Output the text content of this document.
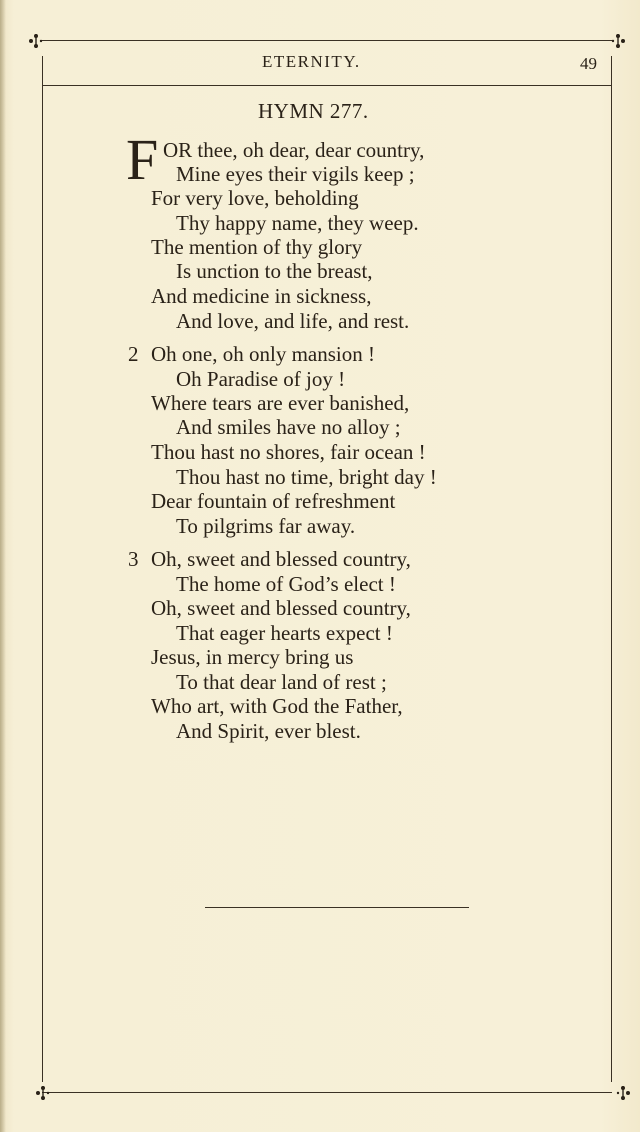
ETERNITY.	49
HYMN 277.
F OR thee, oh dear, dear country,
Mine eyes their vigils keep ;
For very love, beholding
Thy happy name, they weep.
The mention of thy glory
Is unction to the breast,
And medicine in sickness,
And love, and life, and rest.
2 Oh one, oh only mansion !
Oh Paradise of joy !
Where tears are ever banished,
And smiles have no alloy ;
Thou hast no shores, fair ocean !
Thou hast no time, bright day !
Dear fountain of refreshment
To pilgrims far away.
3 Oh, sweet and blessed country,
The home of God’s elect !
Oh, sweet and blessed country,
That eager hearts expect !
Jesus, in mercy bring us
To that dear land of rest ;
Who art, with God the Father,
And Spirit, ever blest.
